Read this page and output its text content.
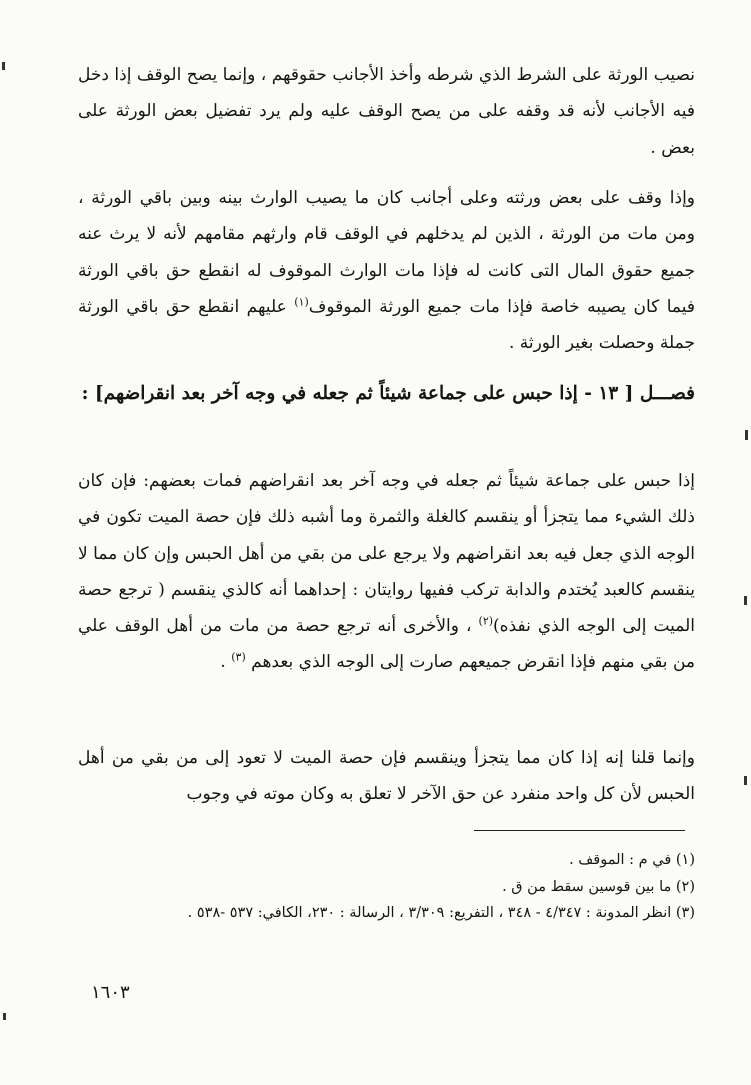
نصيب الورثة على الشرط الذي شرطه وأخذ الأجانب حقوقهم ، وإنما يصح الوقف إذا دخل فيه الأجانب لأنه قد وقفه على من يصح الوقف عليه ولم يرد تفضيل بعض الورثة على بعض .
وإذا وقف على بعض ورثته وعلى أجانب كان ما يصيب الوارث بينه وبين باقي الورثة ، ومن مات من الورثة ، الذين لم يدخلهم في الوقف قام وارثهم مقامهم لأنه لا يرث عنه جميع حقوق المال التى كانت له فإذا مات الوارث الموقوف له انقطع حق باقي الورثة فيما كان يصيبه خاصة فإذا مات جميع الورثة الموقوف$^{(١)}$ عليهم انقطع حق باقي الورثة جملة وحصلت بغير الورثة .
فصـــل [ ١٣ - إذا حبس على جماعة شيئاً ثم جعله في وجه آخر بعد انقراضهم] :
إذا حبس على جماعة شيئاً ثم جعله في وجه آخر بعد انقراضهم فمات بعضهم: فإن كان ذلك الشيء مما يتجزأ أو ينقسم كالغلة والثمرة وما أشبه ذلك فإن حصة الميت تكون في الوجه الذي جعل فيه بعد انقراضهم ولا يرجع على من بقي من أهل الحبس وإن كان مما لا ينقسم كالعبد يُختدم والدابة تركب ففيها روايتان : إحداهما أنه كالذي ينقسم ( ترجع حصة الميت إلى الوجه الذي نفذه)$^{(٢)}$ ، والأخرى أنه ترجع حصة من مات من أهل الوقف علي من بقي منهم فإذا انقرض جميعهم صارت إلى الوجه الذي بعدهم $^{(٣)}$ .
وإنما قلنا إنه إذا كان مما يتجزأ وينقسم فإن حصة الميت لا تعود إلى من بقي من أهل الحبس لأن كل واحد منفرد عن حق الآخر لا تعلق به وكان موته في وجوب
(١) في م : الموقف .
(٢) ما بين قوسين سقط من ق .
(٣) انظر المدونة : ٤/٣٤٧ - ٣٤٨ ، التفريع: ٣/٣٠٩ ، الرسالة : ٢٣٠، الكافي: ٥٣٧ -٥٣٨ .
١٦٠٣
